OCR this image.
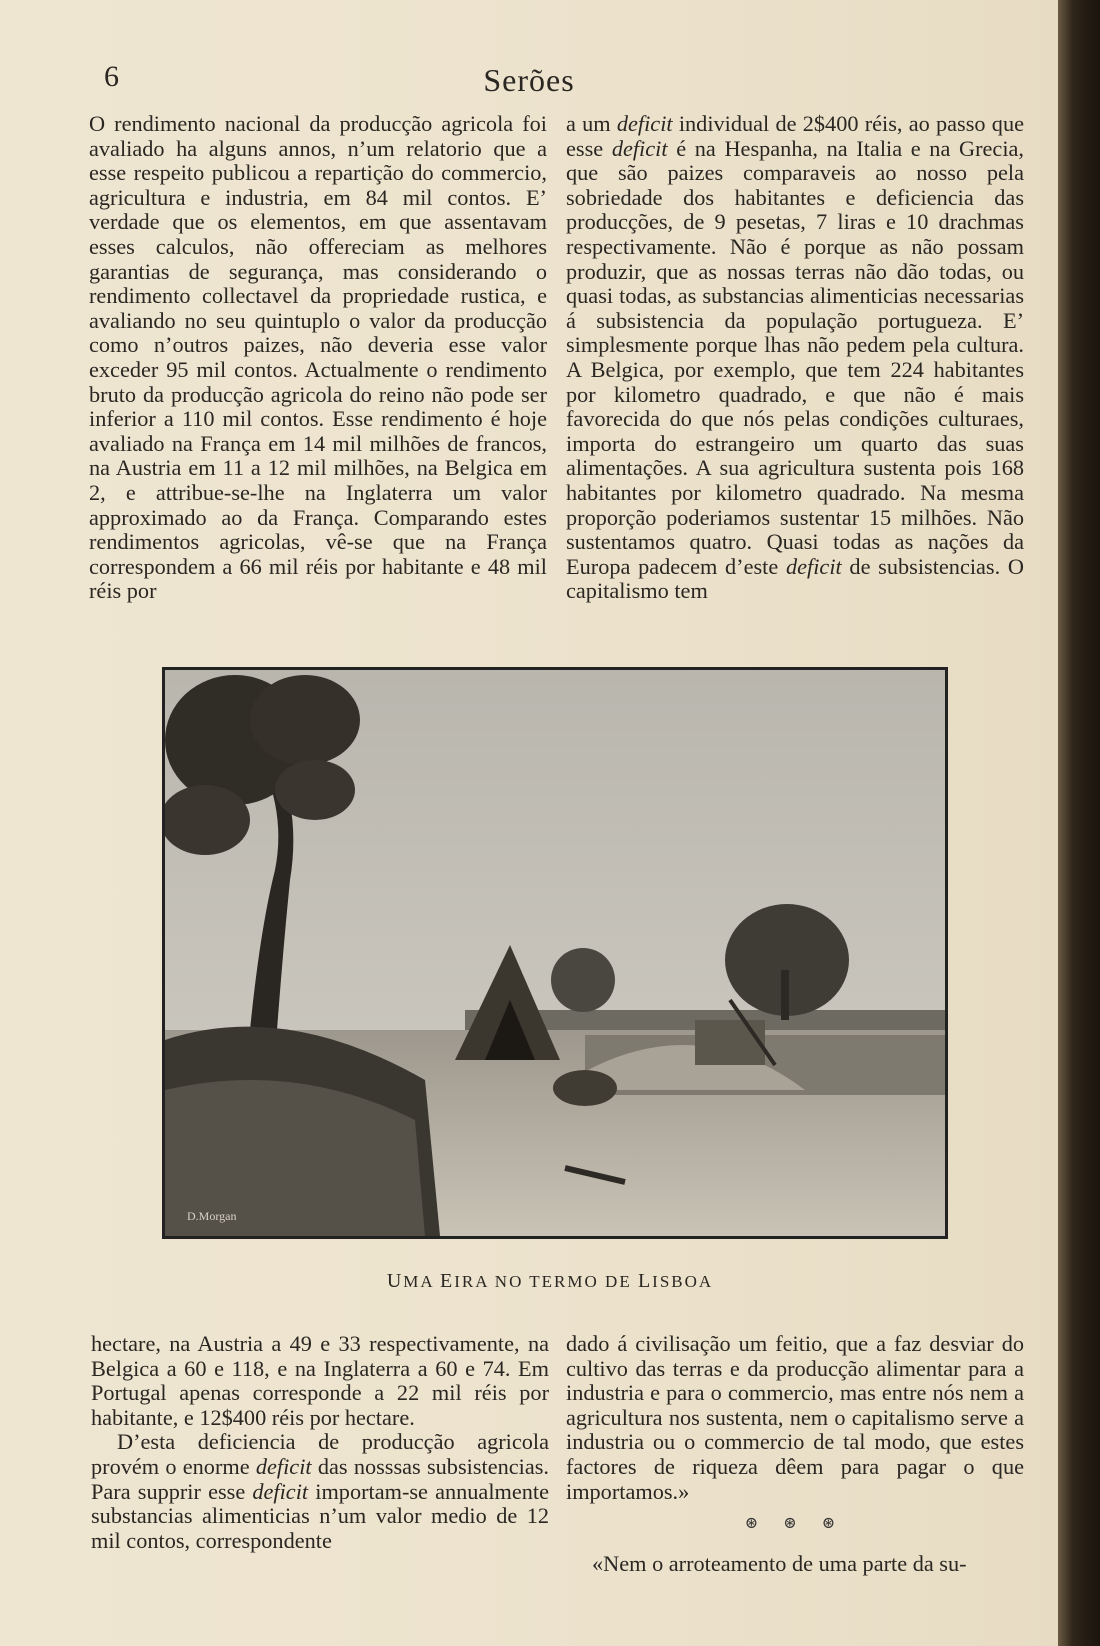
6	Serões

O rendimento nacional da producção agricola foi avaliado ha alguns annos, n’um relatorio que a esse respeito publicou a repartição do commercio, agricultura e industria, em 84 mil contos. E’ verdade que os elementos, em que assentavam esses calculos, não offereciam as melhores garantias de segurança, mas considerando o rendimento collectavel da propriedade rustica, e avaliando no seu quintuplo o valor da producção como n’outros paizes, não deveria esse valor exceder 95 mil contos. Actualmente o rendimento bruto da producção agricola do reino não pode ser inferior a 110 mil contos. Esse rendimento é hoje avaliado na França em 14 mil milhões de francos, na Austria em 11 a 12 mil milhões, na Belgica em 2, e attribue-se-lhe na Inglaterra um valor approximado ao da França. Comparando estes rendimentos agricolas, vê-se que na França correspondem a 66 mil réis por habitante e 48 mil réis por

a um deficit individual de 2$400 réis, ao passo que esse deficit é na Hespanha, na Italia e na Grecia, que são paizes comparaveis ao nosso pela sobriedade dos habitantes e deficiencia das producções, de 9 pesetas, 7 liras e 10 drachmas respectivamente. Não é porque as não possam produzir, que as nossas terras não dão todas, ou quasi todas, as substancias alimenticias necessarias á subsistencia da população portugueza. E’ simplesmente porque lhas não pedem pela cultura. A Belgica, por exemplo, que tem 224 habitantes por kilometro quadrado, e que não é mais favorecida do que nós pelas condições culturaes, importa do estrangeiro um quarto das suas alimentações. A sua agricultura sustenta pois 168 habitantes por kilometro quadrado. Na mesma proporção poderiamos sustentar 15 milhões. Não sustentamos quatro. Quasi todas as nações da Europa padecem d’este deficit de subsistencias. O capitalismo tem

D.Morgan
UMA EIRA NO TERMO DE LISBOA

hectare, na Austria a 49 e 33 respectivamente, na Belgica a 60 e 118, e na Inglaterra a 60 e 74. Em Portugal apenas corresponde a 22 mil réis por habitante, e 12$400 réis por hectare.

D’esta deficiencia de producção agricola provém o enorme deficit das nosssas subsistencias. Para supprir esse deficit importam-se annualmente substancias alimenticias n’um valor medio de 12 mil contos, correspondente

dado á civilisação um feitio, que a faz desviar do cultivo das terras e da producção alimentar para a industria e para o commercio, mas entre nós nem a agricultura nos sustenta, nem o capitalismo serve a industria ou o commercio de tal modo, que estes factores de riqueza dêem para pagar o que importamos.»

⊛ ⊛ ⊛

«Nem o arroteamento de uma parte da su-
